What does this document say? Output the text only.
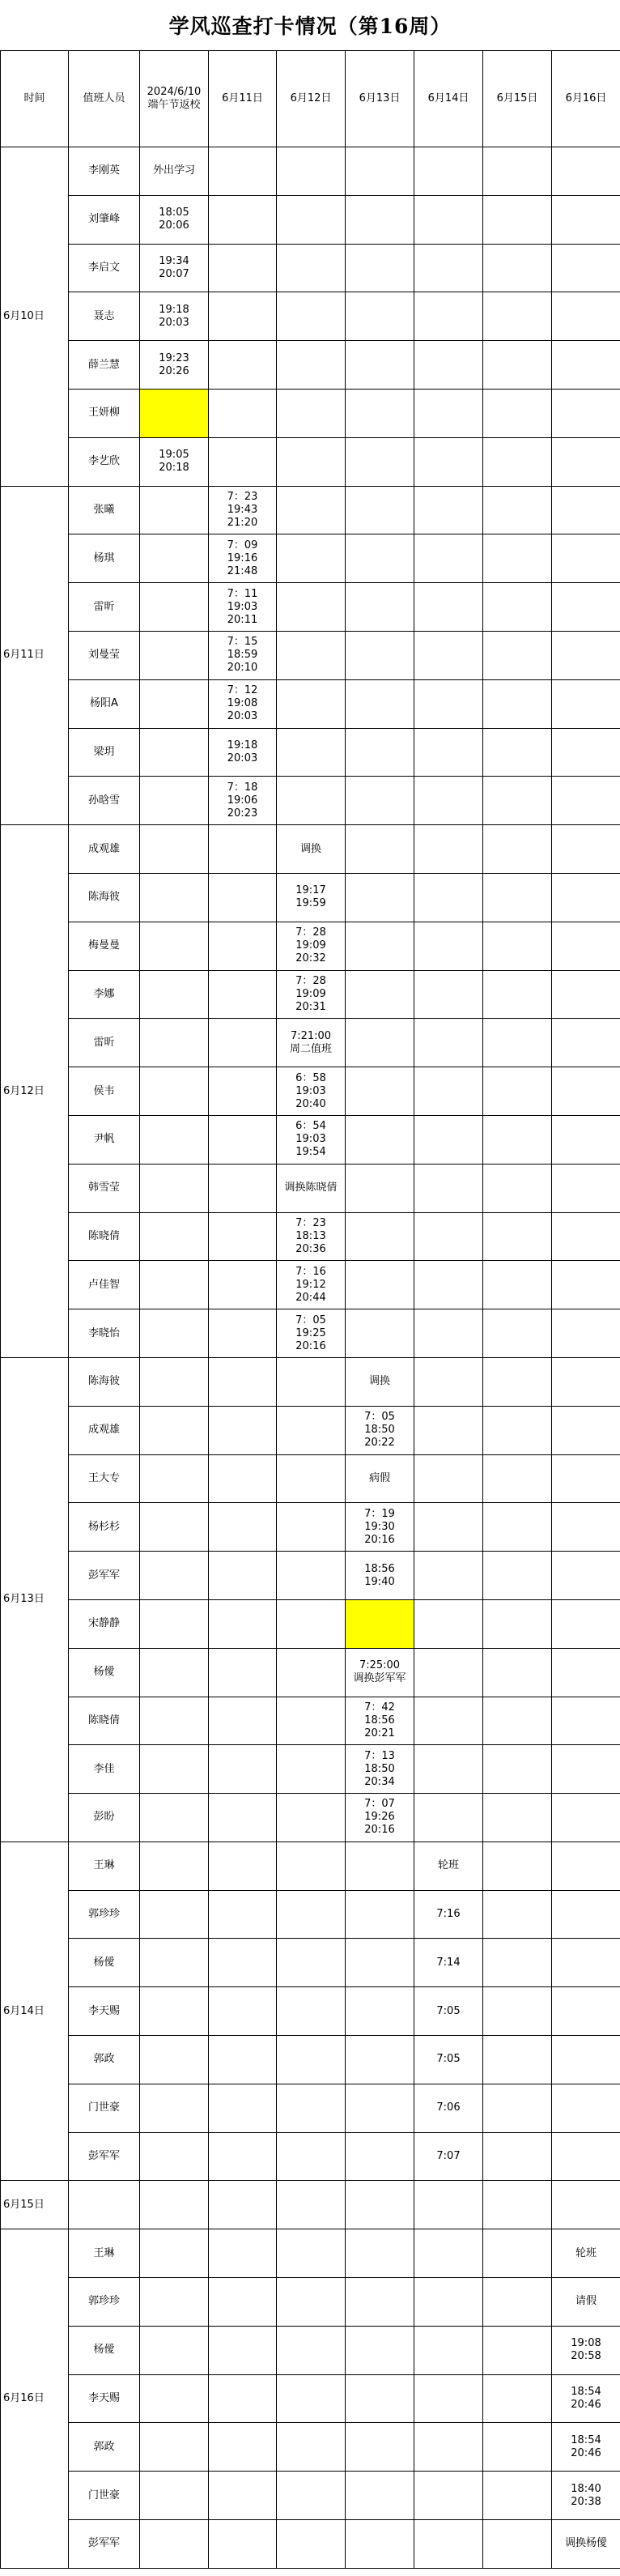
学风巡查打卡情况（第16周）
时间	值班人员	2024/6/10
端午节返校	6月11日	6月12日	6月13日	6月14日	6月15日	6月16日
6月10日	李刚英	外出学习						
	刘肇峰	18:05
20:06						
	李启文	19:34
20:07						
	聂志	19:18
20:03						
	薛兰慧	19:23
20:26						
	王妍柳							
	李艺欣	19:05
20:18						
6月11日	张曦		7：23
19:43
21:20					
	杨琪		7：09
19:16
21:48					
	雷昕		7：11
19:03
20:11					
	刘曼莹		7：15
18:59
20:10					
	杨阳A		7：12
19:08
20:03					
	梁玥		19:18
20:03					
	孙晗雪		7：18
19:06
20:23					
6月12日	成观雄			调换				
	陈海彼			19:17
19:59				
	梅曼曼			7：28
19:09
20:32				
	李娜			7：28
19:09
20:31				
	雷昕			7:21:00
周二值班				
	侯韦			6：58
19:03
20:40				
	尹帆			6：54
19:03
19:54				
	韩雪莹			调换陈晓倩				
	陈晓倩			7：23
18:13
20:36				
	卢佳智			7：16
19:12
20:44				
	李晓怡			7：05
19:25
20:16				
6月13日	陈海彼				调换			
	成观雄				7：05
18:50
20:22			
	王大专				病假			
	杨杉杉				7：19
19:30
20:16			
	彭军军				18:56
19:40			
	宋静静							
	杨僾				7:25:00
调换彭军军			
	陈晓倩				7：42
18:56
20:21			
	李佳				7：13
18:50
20:34			
	彭盼				7：07
19:26
20:16			
6月14日	王琳					轮班		
	郭珍珍					7:16		
	杨僾					7:14		
	李天赐					7:05		
	郭政					7:05		
	门世豪					7:06		
	彭军军					7:07		
6月15日								
6月16日	王琳							轮班
	郭珍珍							请假
	杨僾							19:08
20:58
	李天赐							18:54
20:46
	郭政							18:54
20:46
	门世豪							18:40
20:38
	彭军军							调换杨僾
